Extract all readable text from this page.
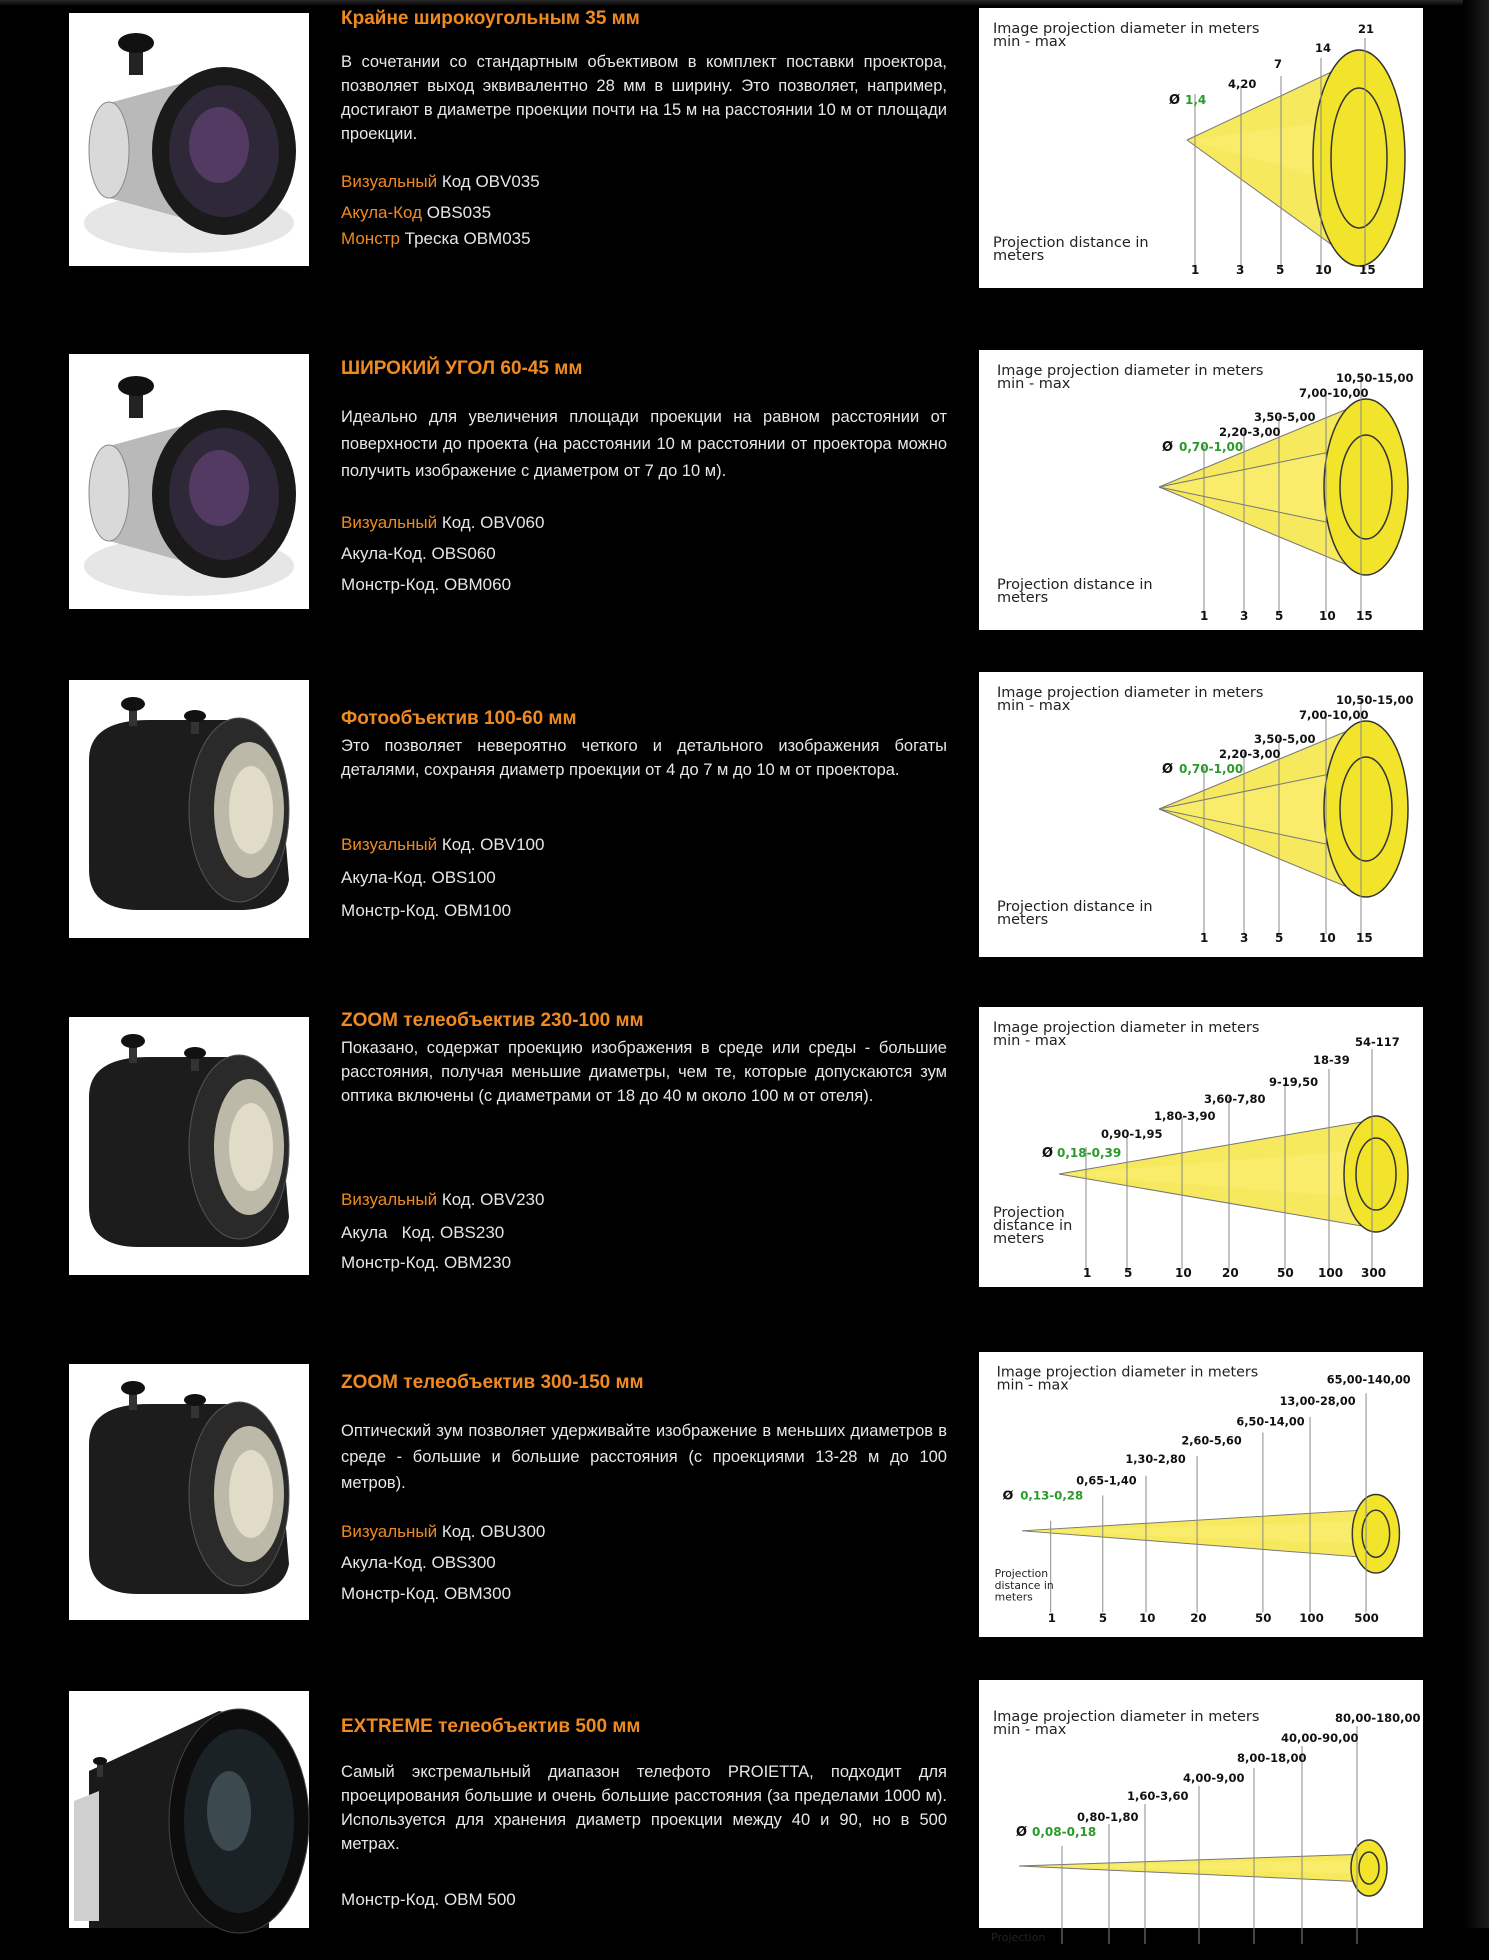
Крайне широкоугольным 35 мм
В сочетании со стандартным объективом в комплект поставки проектора, позволяет выход эквивалентно 28 мм в ширину. Это позволяет, например, достигают в диаметре проекции почти на 15 м на расстоянии 10 м от площади проекции.
Визуальный Код OBV035
Акула-Код OBS035
Монстр Треска OBM035
Image projection diameter in meters
min - max
Ø 1,4
4,20
7
14
21
Projection distance in
meters
1	3	5	10 15
ШИРОКИЙ УГОЛ 60-45 мм
Идеально для увеличения площади проекции на равном расстоянии от поверхности до проекта (на расстоянии 10 м расстоянии от проектора можно получить изображение с диаметром от 7 до 10 м).
Визуальный Код. OBV060
Акула-Код. OBS060
Монстр-Код. OBM060
Image projection diameter in meters
min - max
Ø 0,70-1,00
2,20-3,00
3,50-5,00
7,00-10,00
10,50-15,00
Projection distance in
meters
1	3 5	10 15
Фотообъектив 100-60 мм
Это позволяет невероятно четкого и детального изображения богаты деталями, сохраняя диаметр проекции от 4 до 7 м до 10 м от проектора.
Визуальный Код. OBV100
Акула-Код. OBS100
Монстр-Код. OBM100
Image projection diameter in meters
min - max
Ø 0,70-1,00
2,20-3,00
3,50-5,00
7,00-10,00
10,50-15,00
Projection distance in
meters
1	3 5	10 15
ZOOM телеобъектив 230-100 мм
Показано, содержат проекцию изображения в среде или среды - большие расстояния, получая меньшие диаметры, чем те, которые допускаются зум оптика включены (с диаметрами от 18 до 40 м около 100 м от отеля).
Визуальный Код. OBV230
Акула   Код. OBS230
Монстр-Код. OBM230
Image projection diameter in meters
min - max
Ø 0,18-0,39
0,90-1,95
1,80-3,90
3,60-7,80
9-19,50
18-39
54-117
Projection
distance in
meters
1	5	10	20	50 100 300
ZOOM телеобъектив 300-150 мм
Оптический зум позволяет удерживайте изображение в меньших диаметров в среде - большие и большие расстояния (с проекциями 13-28 м до 100 метров).
Визуальный Код. OBU300
Акула-Код. OBS300
Монстр-Код. OBM300
Image projection diameter in meters
min - max
Ø 0,13-0,28
0,65-1,40
1,30-2,80
2,60-5,60
6,50-14,00
13,00-28,00
65,00-140,00
Projection
distance in
meters
1	5	10	20	50 100	500
EXTREME телеобъектив 500 мм
Самый экстремальный диапазон телефото PROIETTA, подходит для проецирования большие и очень большие расстояния (за пределами 1000 м). Используется для хранения диаметр проекции между 40 и 90, но в 500 метрах.
Монстр-Код. OBM 500
Image projection diameter in meters
min - max
Ø 0,08-0,18
0,80-1,80
1,60-3,60
4,00-9,00
8,00-18,00
40,00-90,00
80,00-180,00
Projection
